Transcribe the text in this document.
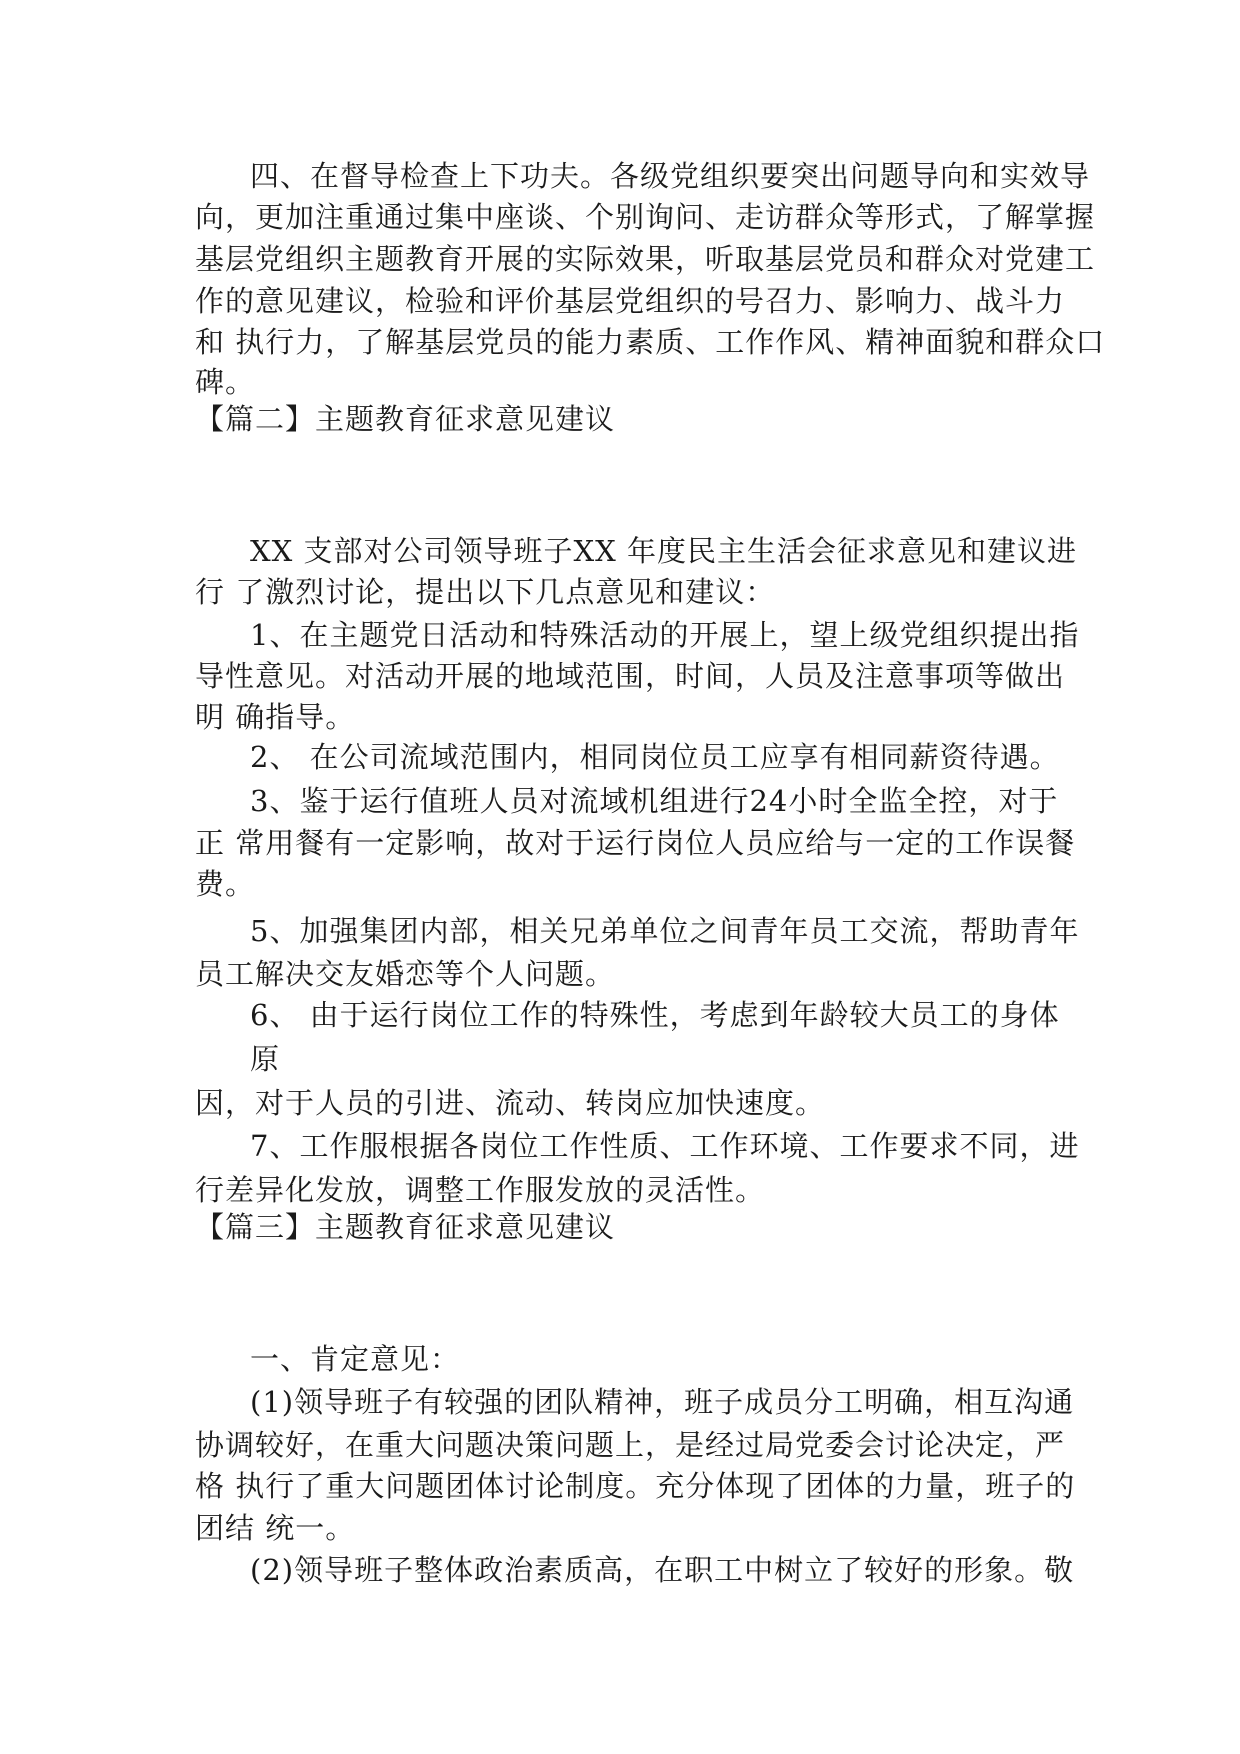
四、在督导检查上下功夫。各级党组织要突出问题导向和实效导
向，更加注重通过集中座谈、个别询问、走访群众等形式，了解掌握
基层党组织主题教育开展的实际效果，听取基层党员和群众对党建工
作的意见建议，检验和评价基层党组织的号召力、影响力、战斗力
和 执行力，了解基层党员的能力素质、工作作风、精神面貌和群众口
碑。
【篇二】主题教育征求意见建议
XX 支部对公司领导班子XX 年度民主生活会征求意见和建议进
行 了激烈讨论，提出以下几点意见和建议：
1、在主题党日活动和特殊活动的开展上，望上级党组织提出指
导性意见。对活动开展的地域范围，时间，人员及注意事项等做出
明 确指导。
2、 在公司流域范围内，相同岗位员工应享有相同薪资待遇。
3、鉴于运行值班人员对流域机组进行24小时全监全控，对于
正 常用餐有一定影响，故对于运行岗位人员应给与一定的工作误餐
费。
5、加强集团内部，相关兄弟单位之间青年员工交流，帮助青年
员工解决交友婚恋等个人问题。
6、 由于运行岗位工作的特殊性，考虑到年龄较大员工的身体
原
因，对于人员的引进、流动、转岗应加快速度。
7、工作服根据各岗位工作性质、工作环境、工作要求不同，进
行差异化发放，调整工作服发放的灵活性。
【篇三】主题教育征求意见建议
一、肯定意见：
(1)领导班子有较强的团队精神，班子成员分工明确，相互沟通
协调较好，在重大问题决策问题上，是经过局党委会讨论决定，严
格 执行了重大问题团体讨论制度。充分体现了团体的力量，班子的
团结 统一。
(2)领导班子整体政治素质高，在职工中树立了较好的形象。敬
